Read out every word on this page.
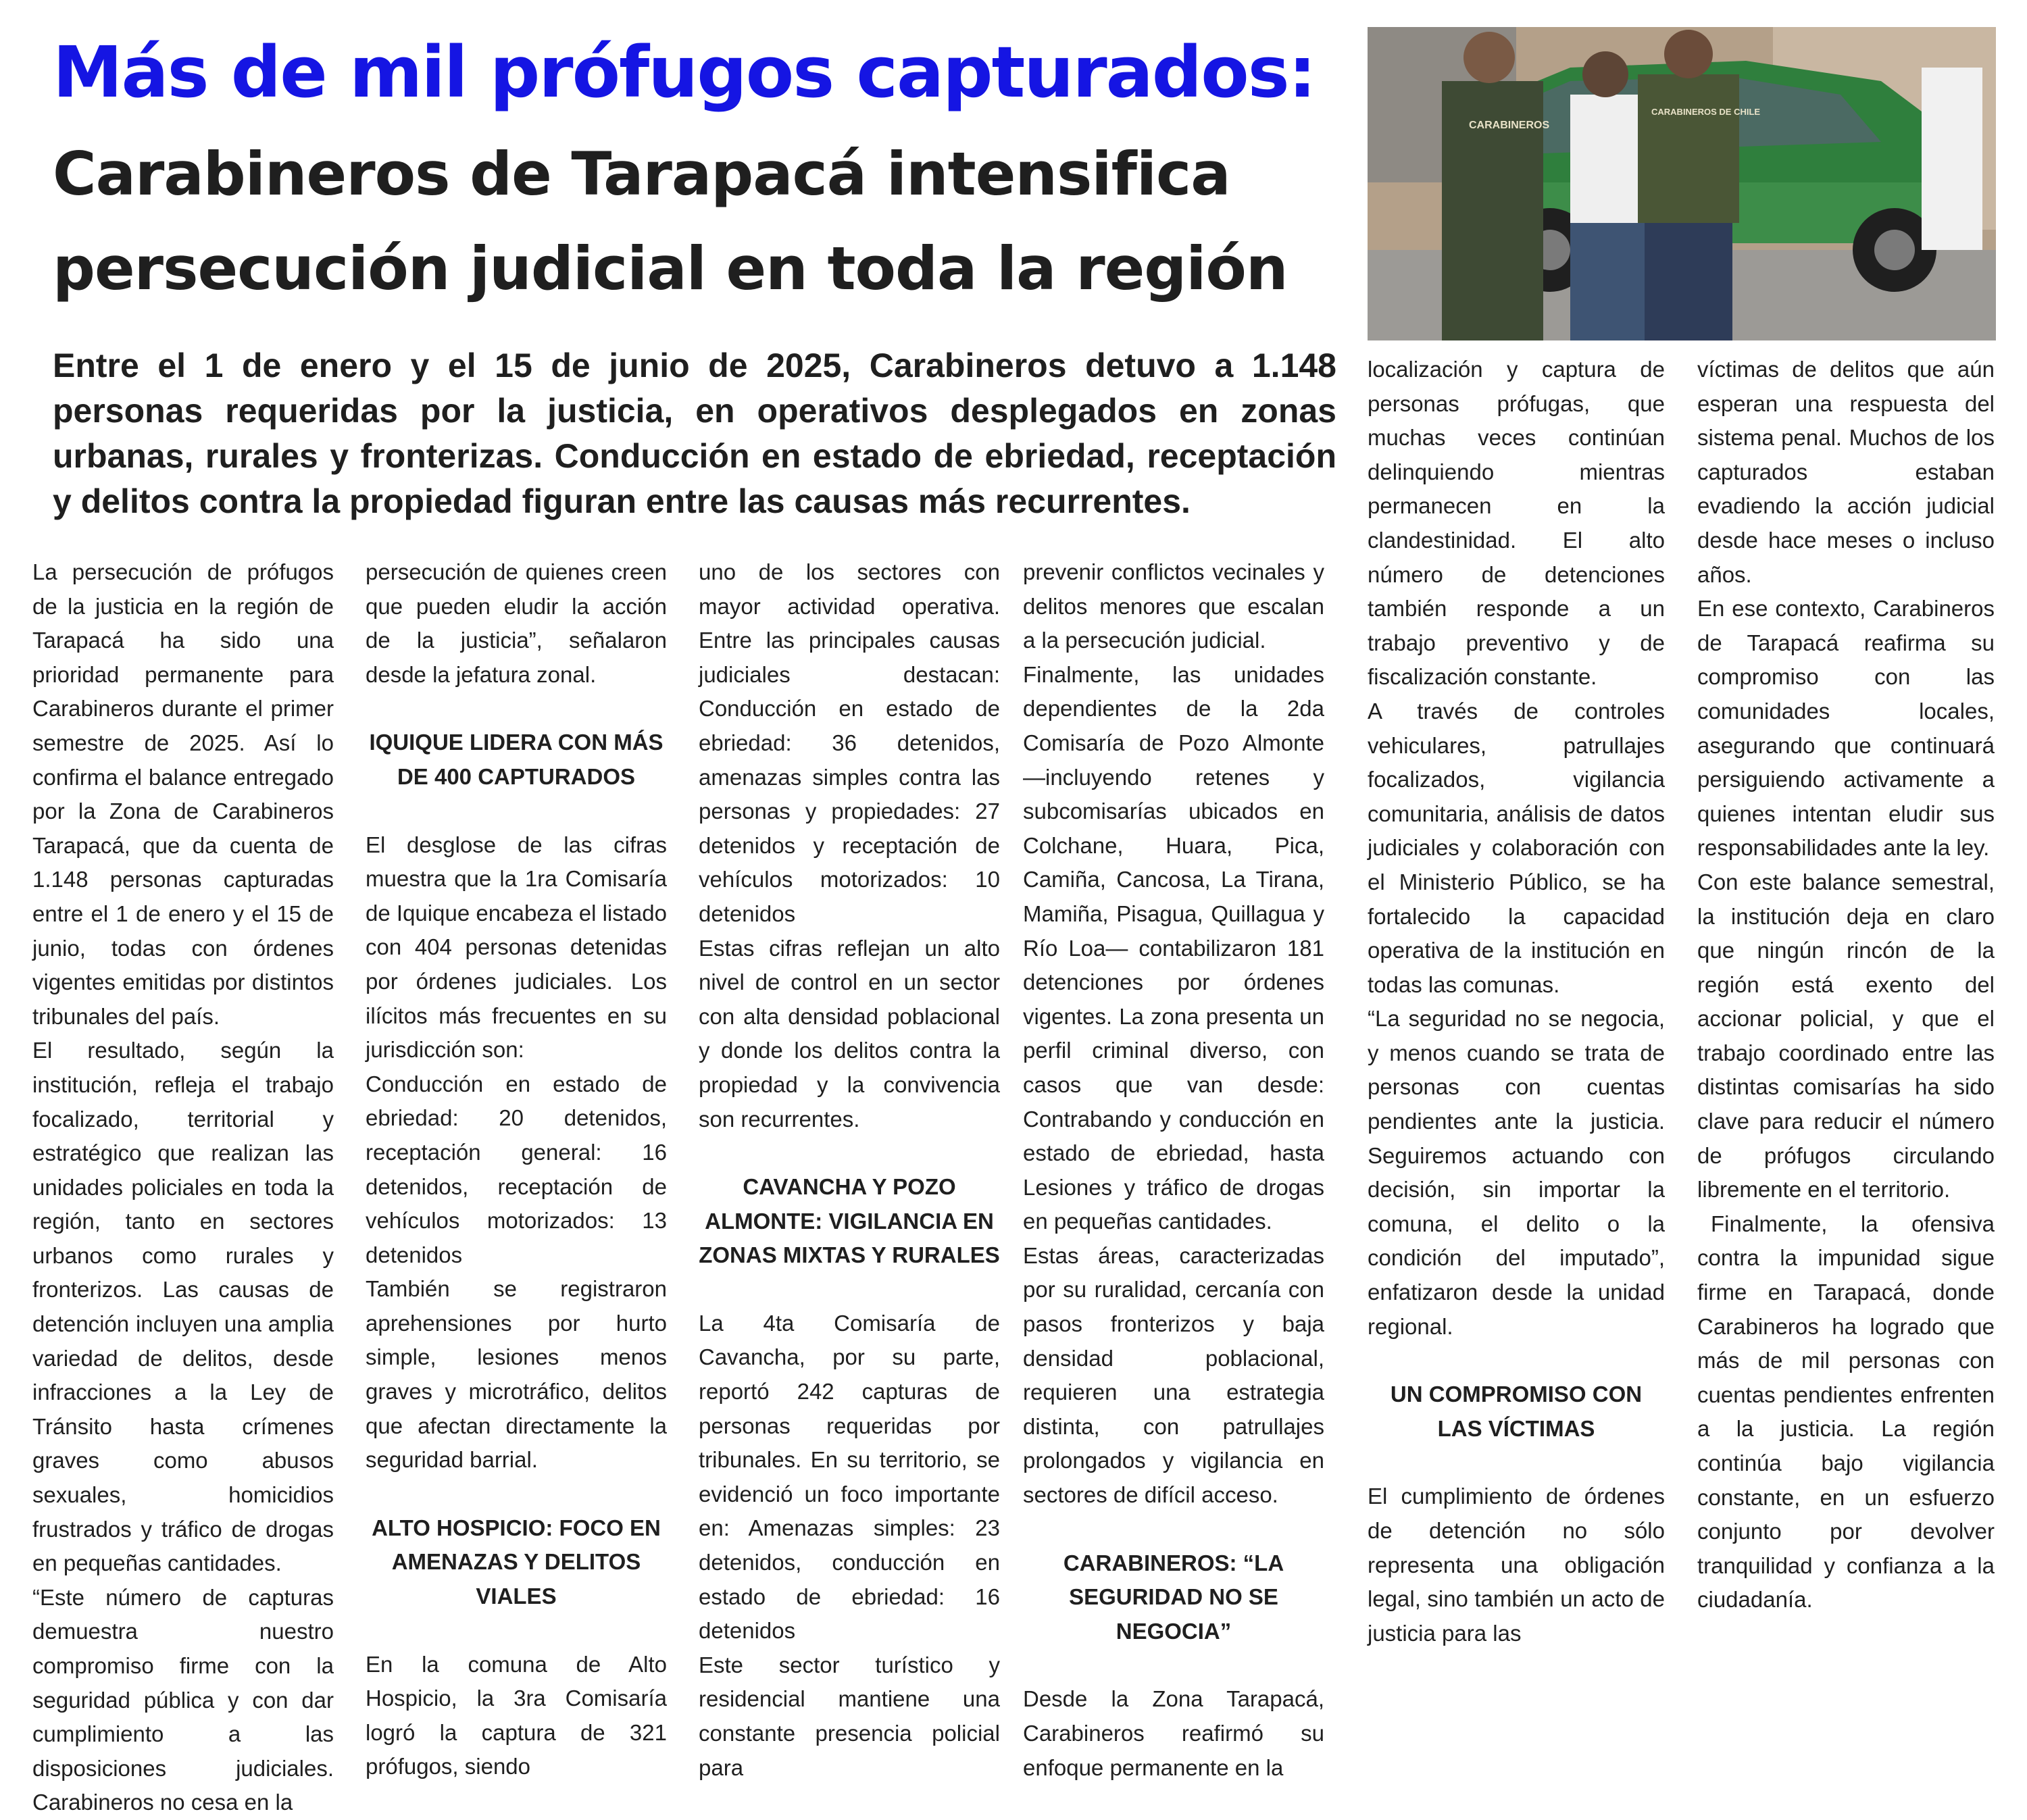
Más de mil prófugos capturados:
Carabineros de Tarapacá intensifica
persecución judicial en toda la región
CARABINEROS
CARABINEROS DE CHILE

Entre el 1 de enero y el 15 de junio de 2025, Carabineros detuvo a 1.148 personas requeridas por la justicia, en operativos desplegados en zonas urbanas, rurales y fronterizas. Conducción en estado de ebriedad, receptación y delitos contra la propiedad figuran entre las causas más recurrentes.

La persecución de prófugos de la justicia en la región de Tarapacá ha sido una prioridad permanente para Carabineros durante el primer semestre de 2025. Así lo confirma el balance entregado por la Zona de Carabineros Tarapacá, que da cuenta de 1.148 personas capturadas entre el 1 de enero y el 15 de junio, todas con órdenes vigentes emitidas por distintos tribunales del país.

El resultado, según la institución, refleja el trabajo focalizado, territorial y estratégico que realizan las unidades policiales en toda la región, tanto en sectores urbanos como rurales y fronterizos. Las causas de detención incluyen una amplia variedad de delitos, desde infracciones a la Ley de Tránsito hasta crímenes graves como abusos sexuales, homicidios frustrados y tráfico de drogas en pequeñas cantidades.

“Este número de capturas demuestra nuestro compromiso firme con la seguridad pública y con dar cumplimiento a las disposiciones judiciales. Carabineros no cesa en la

persecución de quienes creen que pueden eludir la acción de la justicia”, señalaron desde la jefatura zonal.

IQUIQUE LIDERA CON MÁS DE 400 CAPTURADOS

El desglose de las cifras muestra que la 1ra Comisaría de Iquique encabeza el listado con 404 personas detenidas por órdenes judiciales. Los ilícitos más frecuentes en su jurisdicción son:

Conducción en estado de ebriedad: 20 detenidos, receptación general: 16 detenidos, receptación de vehículos motorizados: 13 detenidos

También se registraron aprehensiones por hurto simple, lesiones menos graves y microtráfico, delitos que afectan directamente la seguridad barrial.

ALTO HOSPICIO: FOCO EN AMENAZAS Y DELITOS VIALES

En la comuna de Alto Hospicio, la 3ra Comisaría logró la captura de 321 prófugos, siendo

uno de los sectores con mayor actividad operativa. Entre las principales causas judiciales destacan: Conducción en estado de ebriedad: 36 detenidos, amenazas simples contra las personas y propiedades: 27 detenidos y receptación de vehículos motorizados: 10 detenidos

Estas cifras reflejan un alto nivel de control en un sector con alta densidad poblacional y donde los delitos contra la propiedad y la convivencia son recurrentes.

CAVANCHA Y POZO ALMONTE: VIGILANCIA EN ZONAS MIXTAS Y RURALES

La 4ta Comisaría de Cavancha, por su parte, reportó 242 capturas de personas requeridas por tribunales. En su territorio, se evidenció un foco importante en: Amenazas simples: 23 detenidos, conducción en estado de ebriedad: 16 detenidos

Este sector turístico y residencial mantiene una constante presencia policial para

prevenir conflictos vecinales y delitos menores que escalan a la persecución judicial.

Finalmente, las unidades dependientes de la 2da Comisaría de Pozo Almonte —incluyendo retenes y subcomisarías ubicados en Colchane, Huara, Pica, Camiña, Cancosa, La Tirana, Mamiña, Pisagua, Quillagua y Río Loa— contabilizaron 181 detenciones por órdenes vigentes. La zona presenta un perfil criminal diverso, con casos que van desde: Contrabando y conducción en estado de ebriedad, hasta Lesiones y tráfico de drogas en pequeñas cantidades.

Estas áreas, caracterizadas por su ruralidad, cercanía con pasos fronterizos y baja densidad poblacional, requieren una estrategia distinta, con patrullajes prolongados y vigilancia en sectores de difícil acceso.

CARABINEROS: “LA SEGURIDAD NO SE NEGOCIA”

Desde la Zona Tarapacá, Carabineros reafirmó su enfoque permanente en la

localización y captura de personas prófugas, que muchas veces continúan delinquiendo mientras permanecen en la clandestinidad. El alto número de detenciones también responde a un trabajo preventivo y de fiscalización constante.

A través de controles vehiculares, patrullajes focalizados, vigilancia comunitaria, análisis de datos judiciales y colaboración con el Ministerio Público, se ha fortalecido la capacidad operativa de la institución en todas las comunas.

“La seguridad no se negocia, y menos cuando se trata de personas con cuentas pendientes ante la justicia. Seguiremos actuando con decisión, sin importar la comuna, el delito o la condición del imputado”, enfatizaron desde la unidad regional.

UN COMPROMISO CON LAS VÍCTIMAS

El cumplimiento de órdenes de detención no sólo representa una obligación legal, sino también un acto de justicia para las

víctimas de delitos que aún esperan una respuesta del sistema penal. Muchos de los capturados estaban evadiendo la acción judicial desde hace meses o incluso años.

En ese contexto, Carabineros de Tarapacá reafirma su compromiso con las comunidades locales, asegurando que continuará persiguiendo activamente a quienes intentan eludir sus responsabilidades ante la ley.

Con este balance semestral, la institución deja en claro que ningún rincón de la región está exento del accionar policial, y que el trabajo coordinado entre las distintas comisarías ha sido clave para reducir el número de prófugos circulando libremente en el territorio.

Finalmente, la ofensiva contra la impunidad sigue firme en Tarapacá, donde Carabineros ha logrado que más de mil personas con cuentas pendientes enfrenten a la justicia. La región continúa bajo vigilancia constante, en un esfuerzo conjunto por devolver tranquilidad y confianza a la ciudadanía.
